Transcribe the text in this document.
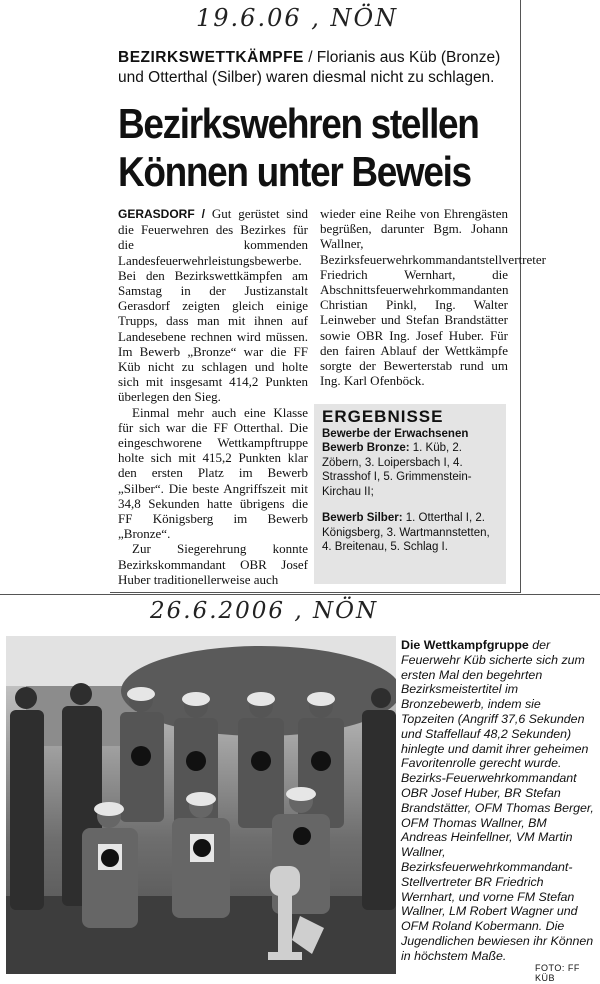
19.6.06 , NÖN
26.6.2006 , NÖN
BEZIRKSWETTKÄMPFE / Florianis aus Küb (Bronze) und Otterthal (Silber) waren diesmal nicht zu schlagen.
Bezirkswehren stellen
Können unter Beweis

GERASDORF / Gut gerüstet sind die Feuerwehren des Bezirkes für die kommenden Landesfeuerwehrleistungsbewerbe. Bei den Bezirkswettkämpfen am Samstag in der Justizanstalt Gerasdorf zeigten gleich einige Trupps, dass man mit ihnen auf Landesebene rechnen wird müssen. Im Bewerb „Bronze“ war die FF Küb nicht zu schlagen und holte sich mit insgesamt 414,2 Punkten überlegen den Sieg.

Einmal mehr auch eine Klasse für sich war die FF Otterthal. Die eingeschworene Wettkampftruppe holte sich mit 415,2 Punkten klar den ersten Platz im Bewerb „Silber“. Die beste Angriffszeit mit 34,8 Sekunden hatte übrigens die FF Königsberg im Bewerb „Bronze“.

Zur Siegerehrung konnte Bezirkskommandant OBR Josef Huber traditionellerweise auch

wieder eine Reihe von Ehrengästen begrüßen, darunter Bgm. Johann Wallner, Bezirksfeuerwehrkommandantstellvertreter Friedrich Wernhart, die Abschnittsfeuerwehrkommandanten Christian Pinkl, Ing. Walter Leinweber und Stefan Brandstätter sowie OBR Ing. Josef Huber. Für den fairen Ablauf der Wettkämpfe sorgte der Bewerterstab rund um Ing. Karl Ofenböck.

ERGEBNISSE
Bewerbe der Erwachsenen
Bewerb Bronze: 1. Küb, 2. Zöbern, 3. Loipersbach I, 4. Strasshof I, 5. Grimmenstein-Kirchau II;
Bewerb Silber: 1. Otterthal I, 2. Königsberg, 3. Wartmannstetten, 4. Breitenau, 5. Schlag I.
Die Wettkampfgruppe der Feuerwehr Küb sicherte sich zum ersten Mal den begehrten Bezirksmeistertitel im Bronzebewerb, indem sie Topzeiten (Angriff 37,6 Sekunden und Staffellauf 48,2 Sekunden) hinlegte und damit ihrer geheimen Favoritenrolle gerecht wurde. Bezirks-Feuerwehrkommandant OBR Josef Huber, BR Stefan Brandstätter, OFM Thomas Berger, OFM Thomas Wallner, BM Andreas Heinfellner, VM Martin Wallner, Bezirksfeuerwehrkommandant-Stellvertreter BR Friedrich Wernhart, und vorne FM Stefan Wallner, LM Robert Wagner und OFM Roland Kobermann. Die Jugendlichen bewiesen ihr Können in höchstem Maße.
FOTO: FF KÜB
